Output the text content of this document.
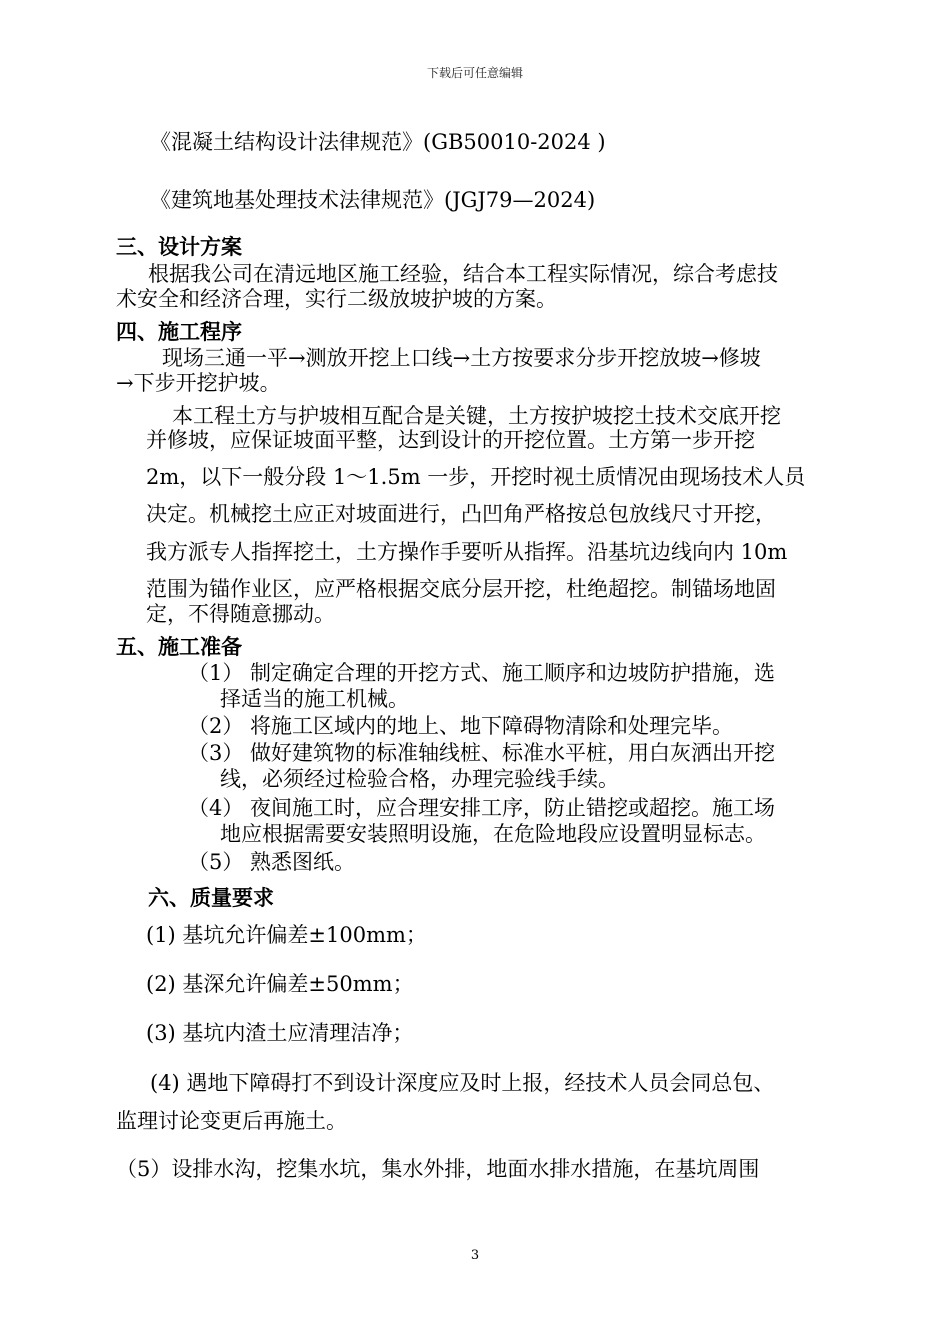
下载后可任意编辑
《混凝土结构设计法律规范》(GB50010-2024 )
《建筑地基处理技术法律规范》(JGJ79—2024)
三、设计方案
根据我公司在清远地区施工经验，结合本工程实际情况，综合考虑技
术安全和经济合理，实行二级放坡护坡的方案。
四、施工程序
现场三通一平→测放开挖上口线→土方按要求分步开挖放坡→修坡
→下步开挖护坡。
本工程土方与护坡相互配合是关键，土方按护坡挖土技术交底开挖
并修坡，应保证坡面平整，达到设计的开挖位置。土方第一步开挖
2m，以下一般分段 1～1.5m 一步，开挖时视土质情况由现场技术人员
决定。机械挖土应正对坡面进行，凸凹角严格按总包放线尺寸开挖，
我方派专人指挥挖土，土方操作手要听从指挥。沿基坑边线向内 10m
范围为锚作业区，应严格根据交底分层开挖，杜绝超挖。制锚场地固
定，不得随意挪动。
五、施工准备
（1） 制定确定合理的开挖方式、施工顺序和边坡防护措施，选
择适当的施工机械。
（2） 将施工区域内的地上、地下障碍物清除和处理完毕。
（3） 做好建筑物的标准轴线桩、标准水平桩，用白灰洒出开挖
线，必须经过检验合格，办理完验线手续。
（4） 夜间施工时，应合理安排工序，防止错挖或超挖。施工场
地应根据需要安装照明设施，在危险地段应设置明显标志。
（5） 熟悉图纸。
六、质量要求
(1) 基坑允许偏差±100mm；
(2) 基深允许偏差±50mm；
(3) 基坑内渣土应清理洁净；
(4) 遇地下障碍打不到设计深度应及时上报，经技术人员会同总包、
监理讨论变更后再施土。
（5）设排水沟，挖集水坑，集水外排，地面水排水措施，在基坑周围
3
